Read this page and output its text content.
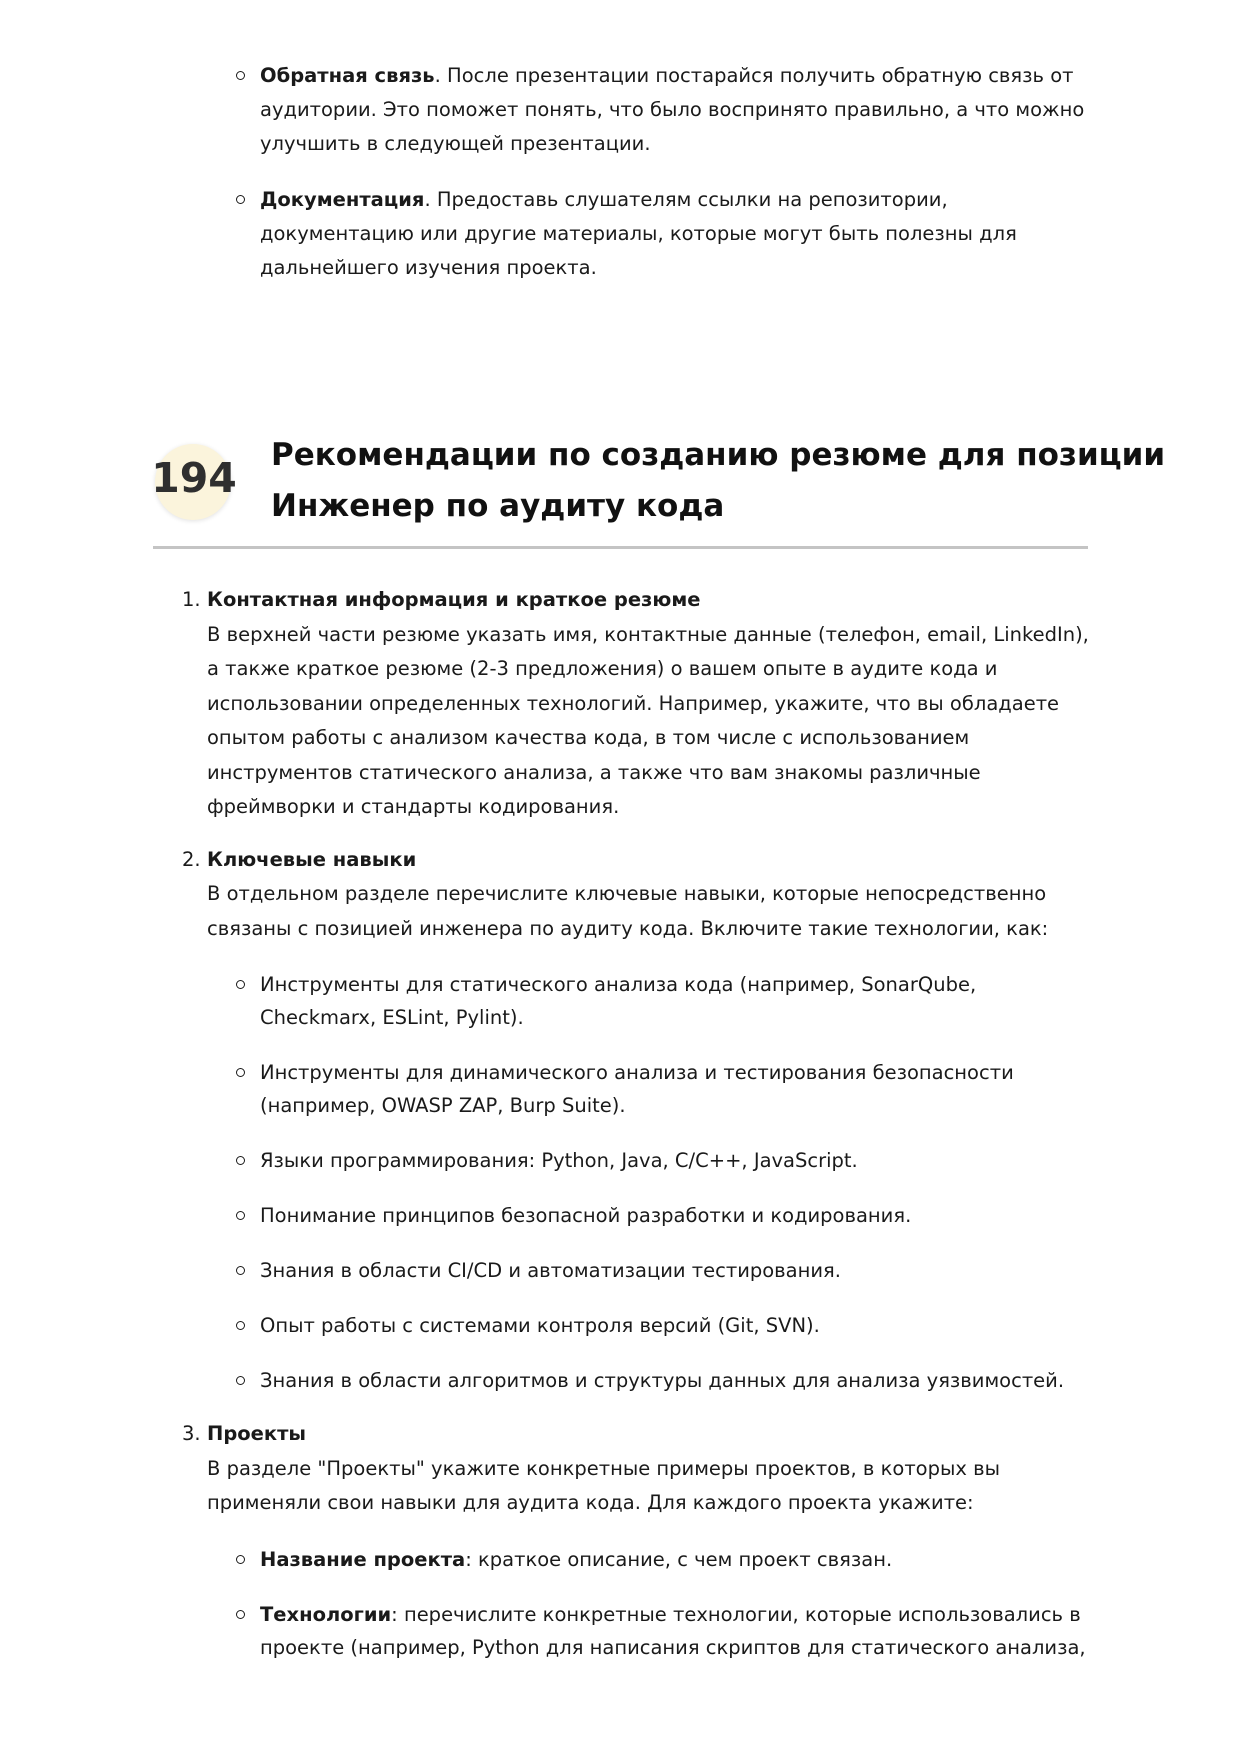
Обратная связь. После презентации постарайся получить обратную связь от аудитории. Это поможет понять, что было воспринято правильно, а что можно улучшить в следующей презентации.
Документация. Предоставь слушателям ссылки на репозитории, документацию или другие материалы, которые могут быть полезны для дальнейшего изучения проекта.
194 Рекомендации по созданию резюме для позиции
Инженер по аудиту кода
1. Контактная информация и краткое резюме
В верхней части резюме указать имя, контактные данные (телефон, email, LinkedIn), а также краткое резюме (2-3 предложения) о вашем опыте в аудите кода и использовании определенных технологий. Например, укажите, что вы обладаете опытом работы с анализом качества кода, в том числе с использованием инструментов статического анализа, а также что вам знакомы различные фреймворки и стандарты кодирования.
2. Ключевые навыки
В отдельном разделе перечислите ключевые навыки, которые непосредственно связаны с позицией инженера по аудиту кода. Включите такие технологии, как:
Инструменты для статического анализа кода (например, SonarQube, Checkmarx, ESLint, Pylint).
Инструменты для динамического анализа и тестирования безопасности (например, OWASP ZAP, Burp Suite).
Языки программирования: Python, Java, C/C++, JavaScript.
Понимание принципов безопасной разработки и кодирования.
Знания в области CI/CD и автоматизации тестирования.
Опыт работы с системами контроля версий (Git, SVN).
Знания в области алгоритмов и структуры данных для анализа уязвимостей.
3. Проекты
В разделе "Проекты" укажите конкретные примеры проектов, в которых вы применяли свои навыки для аудита кода. Для каждого проекта укажите:
Название проекта: краткое описание, с чем проект связан.
Технологии: перечислите конкретные технологии, которые использовались в проекте (например, Python для написания скриптов для статического анализа,
